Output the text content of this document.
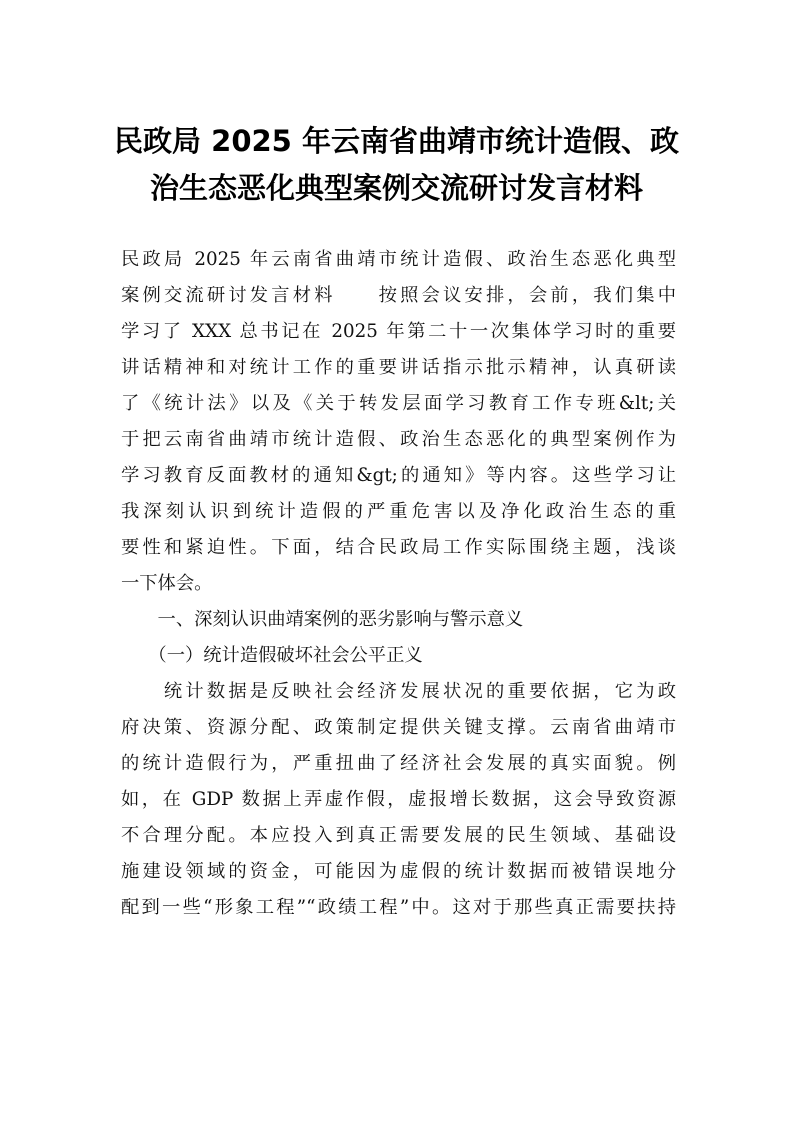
民政局 2025 年云南省曲靖市统计造假、政
治生态恶化典型案例交流研讨发言材料
民政局 2025 年云南省曲靖市统计造假、政治生态恶化典型
案例交流研讨发言材料　　按照会议安排，会前，我们集中
学习了 XXX 总书记在 2025 年第二十一次集体学习时的重要
讲话精神和对统计工作的重要讲话指示批示精神，认真研读
了《统计法》以及《关于转发层面学习教育工作专班&lt;关
于把云南省曲靖市统计造假、政治生态恶化的典型案例作为
学习教育反面教材的通知&gt;的通知》等内容。这些学习让
我深刻认识到统计造假的严重危害以及净化政治生态的重
要性和紧迫性。下面，结合民政局工作实际围绕主题，浅谈
一下体会。
　　一、深刻认识曲靖案例的恶劣影响与警示意义
　　（一）统计造假破坏社会公平正义
　　统计数据是反映社会经济发展状况的重要依据，它为政
府决策、资源分配、政策制定提供关键支撑。云南省曲靖市
的统计造假行为，严重扭曲了经济社会发展的真实面貌。例
如，在 GDP 数据上弄虚作假，虚报增长数据，这会导致资源
不合理分配。本应投入到真正需要发展的民生领域、基础设
施建设领域的资金，可能因为虚假的统计数据而被错误地分
配到一些“形象工程”“政绩工程”中。这对于那些真正需要扶持
